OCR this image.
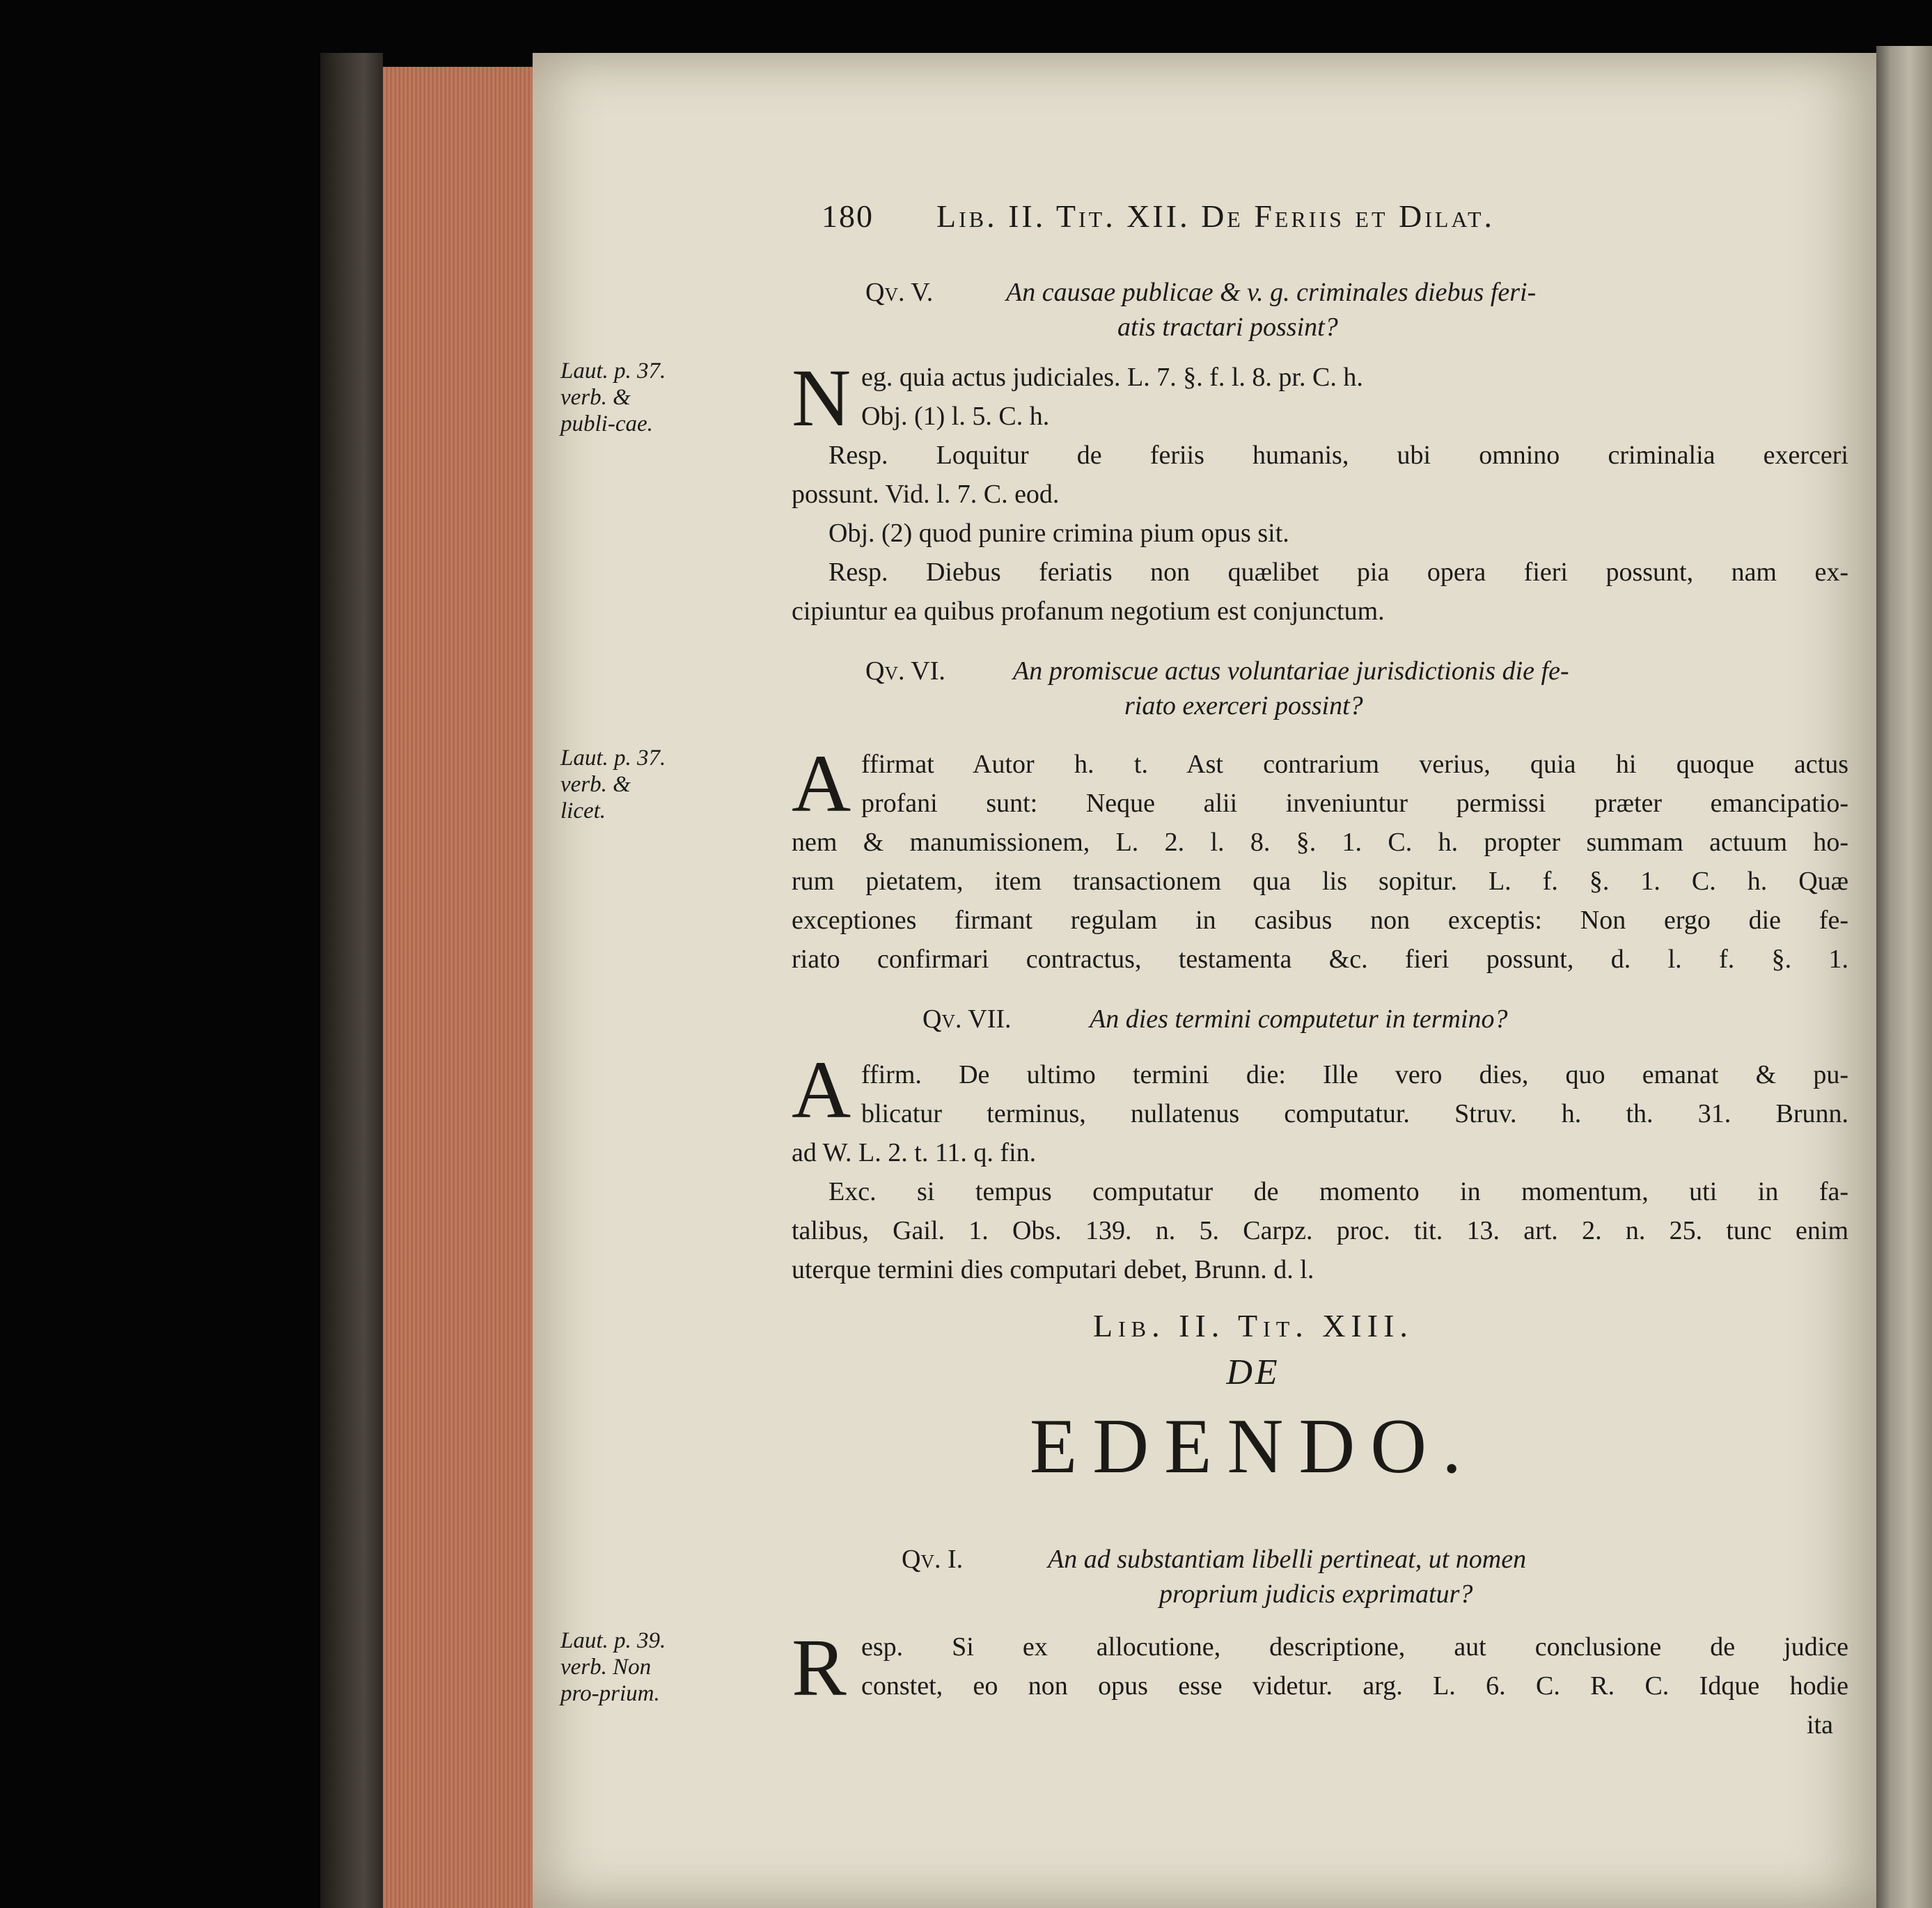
180 Lib. II. Tit. XII. De Feriis et Dilat.
Qv. V.	An causae publicae & v. g. criminales diebus feri-
atis tractari possint?
Laut. p. 37. verb. & publi-cae.	N eg. quia actus judiciales. L. 7. §. f. l. 8. pr. C. h.
Obj. (1) l. 5. C. h.
Resp. Loquitur de feriis humanis, ubi omnino criminalia exerceri
possunt. Vid. l. 7. C. eod.
Obj. (2) quod punire crimina pium opus sit.
Resp. Diebus feriatis non quælibet pia opera fieri possunt, nam ex-
cipiuntur ea quibus profanum negotium est conjunctum.
Qv. VI.	An promiscue actus voluntariae jurisdictionis die fe-
riato exerceri possint?
Laut. p. 37. verb. & licet.	A ffirmat Autor h. t. Ast contrarium verius, quia hi quoque actus
profani sunt: Neque alii inveniuntur permissi præter emancipatio-
nem & manumissionem, L. 2. l. 8. §. 1. C. h. propter summam actuum ho-
rum pietatem, item transactionem qua lis sopitur. L. f. §. 1. C. h. Quæ
exceptiones firmant regulam in casibus non exceptis: Non ergo die fe-
riato confirmari contractus, testamenta &c. fieri possunt, d. l. f. §. 1.
Qv. VII.	An dies termini computetur in termino?
A ffirm. De ultimo termini die: Ille vero dies, quo emanat & pu-
blicatur terminus, nullatenus computatur. Struv. h. th. 31. Brunn.
ad W. L. 2. t. 11. q. fin.
Exc. si tempus computatur de momento in momentum, uti in fa-
talibus, Gail. 1. Obs. 139. n. 5. Carpz. proc. tit. 13. art. 2. n. 25. tunc enim
uterque termini dies computari debet, Brunn. d. l.
Lib. II. Tit. XIII.
DE
EDENDO.
Qv. I.	An ad substantiam libelli pertineat, ut nomen
proprium judicis exprimatur?
Laut. p. 39. verb. Non pro-prium. R esp. Si ex allocutione, descriptione, aut conclusione de judice
constet, eo non opus esse videtur. arg. L. 6. C. R. C. Idque hodie
ita
